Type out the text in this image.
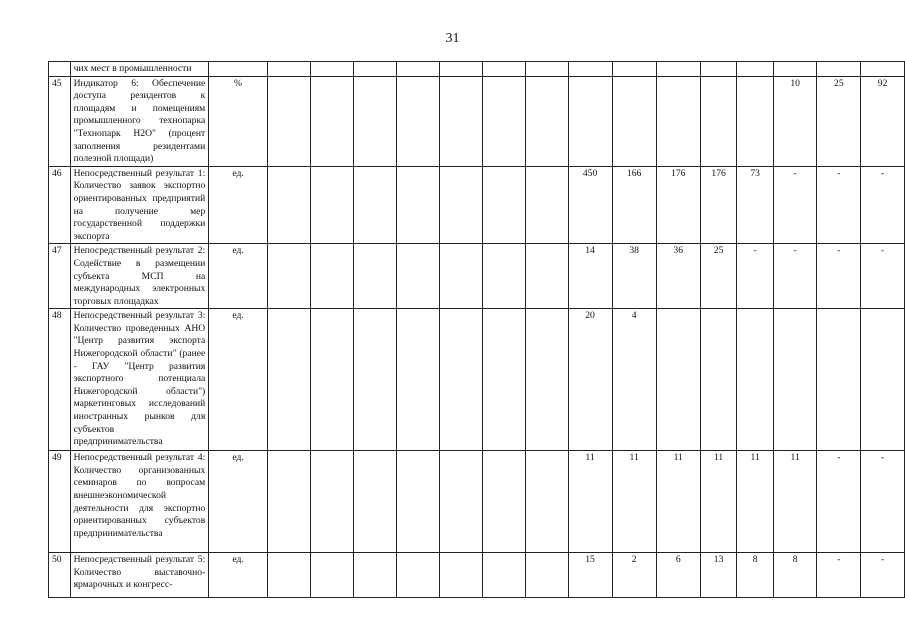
31
	чих мест в промышленности																
45	Индикатор 6: Обеспечение доступа резидентов к площадям и помещениям промышленного технопарка "Технопарк Н2О" (процент заполнения резидентами полезной площади)	%													10	25	92
46	Непосредственный результат 1: Количество заявок экспортно ориентированных предприятий на получение мер государственной поддержки экспорта	ед.								450	166	176	176	73	-	-	-
47	Непосредственный результат 2: Содействие в размещении субъекта МСП на международных электронных торговых площадках	ед.								14	38	36	25	-	-	-	-
48	Непосредственный результат 3: Количество проведенных АНО "Центр развития экспорта Нижегородской области" (ранее - ГАУ "Центр развития экспортного потенциала Нижегородской области") маркетинговых исследований иностранных рынков для субъектов предпринимательства	ед.								20	4						
49	Непосредственный результат 4: Количество организованных семинаров по вопросам внешнеэкономической деятельности для экспортно ориентированных субъектов предпринимательства	ед.								11	11	11	11	11	11	-	-
50	Непосредственный результат 5: Количество выставочно-ярмарочных и конгресс-	ед.								15	2	6	13	8	8	-	-
